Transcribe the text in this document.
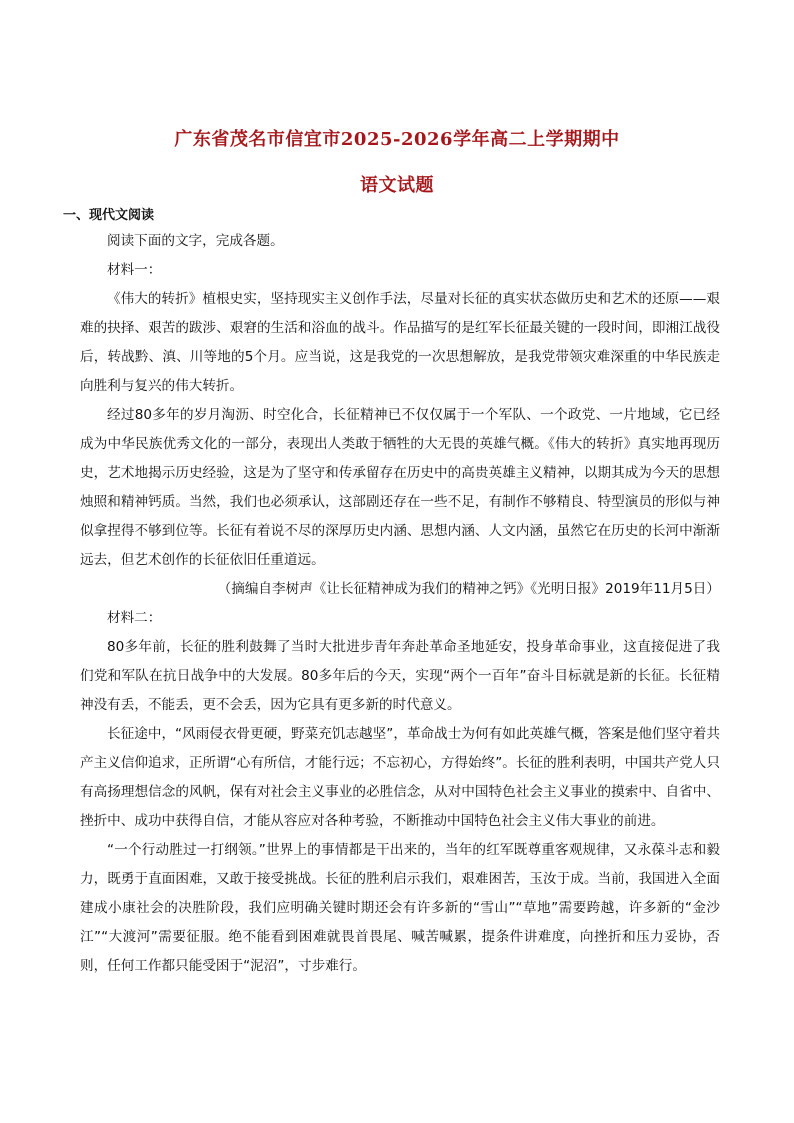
广东省茂名市信宜市2025-2026学年高二上学期期中
语文试题
一、现代文阅读

阅读下面的文字，完成各题。

材料一：

《伟大的转折》植根史实，坚持现实主义创作手法，尽量对长征的真实状态做历史和艺术的还原——艰难的抉择、艰苦的跋涉、艰窘的生活和浴血的战斗。作品描写的是红军长征最关键的一段时间，即湘江战役后，转战黔、滇、川等地的5个月。应当说，这是我党的一次思想解放，是我党带领灾难深重的中华民族走向胜利与复兴的伟大转折。

经过80多年的岁月淘沥、时空化合，长征精神已不仅仅属于一个军队、一个政党、一片地域，它已经成为中华民族优秀文化的一部分，表现出人类敢于牺牲的大无畏的英雄气概。《伟大的转折》真实地再现历史，艺术地揭示历史经验，这是为了坚守和传承留存在历史中的高贵英雄主义精神，以期其成为今天的思想烛照和精神钙质。当然，我们也必须承认，这部剧还存在一些不足，有制作不够精良、特型演员的形似与神似拿捏得不够到位等。长征有着说不尽的深厚历史内涵、思想内涵、人文内涵，虽然它在历史的长河中渐渐远去，但艺术创作的长征依旧任重道远。

（摘编自李树声《让长征精神成为我们的精神之钙》《光明日报》2019年11月5日）

材料二：

80多年前，长征的胜利鼓舞了当时大批进步青年奔赴革命圣地延安，投身革命事业，这直接促进了我们党和军队在抗日战争中的大发展。80多年后的今天，实现“两个一百年”奋斗目标就是新的长征。长征精神没有丢，不能丢，更不会丢，因为它具有更多新的时代意义。

长征途中，“风雨侵衣骨更硬，野菜充饥志越坚”，革命战士为何有如此英雄气概，答案是他们坚守着共产主义信仰追求，正所谓“心有所信，才能行远；不忘初心，方得始终”。长征的胜利表明，中国共产党人只有高扬理想信念的风帆，保有对社会主义事业的必胜信念，从对中国特色社会主义事业的摸索中、自省中、挫折中、成功中获得自信，才能从容应对各种考验，不断推动中国特色社会主义伟大事业的前进。

“一个行动胜过一打纲领。”世界上的事情都是干出来的，当年的红军既尊重客观规律，又永葆斗志和毅力，既勇于直面困难，又敢于接受挑战。长征的胜利启示我们，艰难困苦，玉汝于成。当前，我国进入全面建成小康社会的决胜阶段，我们应明确关键时期还会有许多新的“雪山”“草地”需要跨越，许多新的“金沙江”“大渡河”需要征服。绝不能看到困难就畏首畏尾、喊苦喊累，提条件讲难度，向挫折和压力妥协，否则，任何工作都只能受困于“泥沼”，寸步难行。
